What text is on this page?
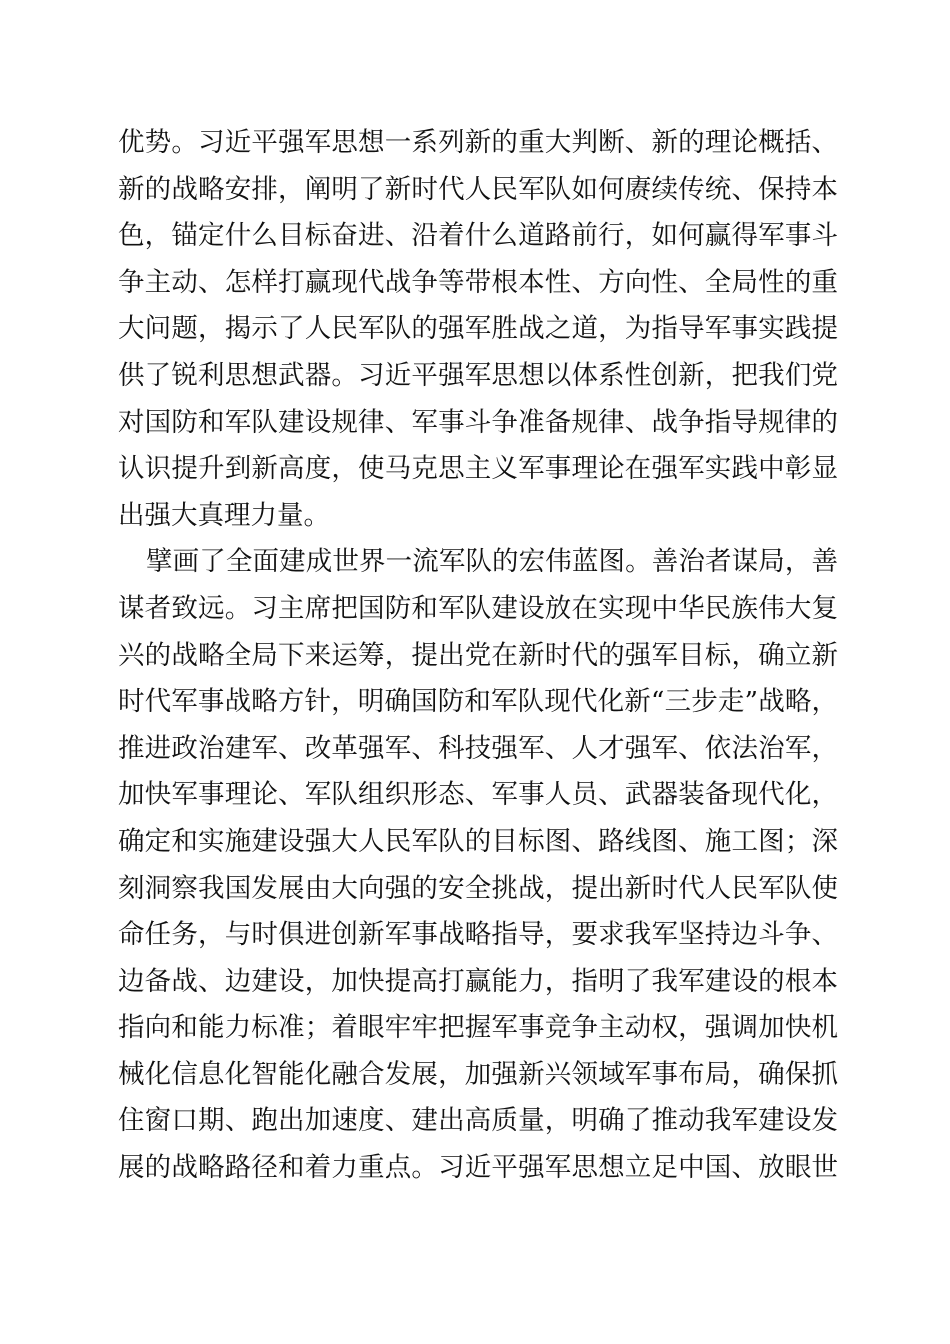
优势。习近平强军思想一系列新的重大判断、新的理论概括、
新的战略安排，阐明了新时代人民军队如何赓续传统、保持本
色，锚定什么目标奋进、沿着什么道路前行，如何赢得军事斗
争主动、怎样打赢现代战争等带根本性、方向性、全局性的重
大问题，揭示了人民军队的强军胜战之道，为指导军事实践提
供了锐利思想武器。习近平强军思想以体系性创新，把我们党
对国防和军队建设规律、军事斗争准备规律、战争指导规律的
认识提升到新高度，使马克思主义军事理论在强军实践中彰显
出强大真理力量。
擘画了全面建成世界一流军队的宏伟蓝图。善治者谋局，善
谋者致远。习主席把国防和军队建设放在实现中华民族伟大复
兴的战略全局下来运筹，提出党在新时代的强军目标，确立新
时代军事战略方针，明确国防和军队现代化新“三步走”战略，
推进政治建军、改革强军、科技强军、人才强军、依法治军，
加快军事理论、军队组织形态、军事人员、武器装备现代化，
确定和实施建设强大人民军队的目标图、路线图、施工图；深
刻洞察我国发展由大向强的安全挑战，提出新时代人民军队使
命任务，与时俱进创新军事战略指导，要求我军坚持边斗争、
边备战、边建设，加快提高打赢能力，指明了我军建设的根本
指向和能力标准；着眼牢牢把握军事竞争主动权，强调加快机
械化信息化智能化融合发展，加强新兴领域军事布局，确保抓
住窗口期、跑出加速度、建出高质量，明确了推动我军建设发
展的战略路径和着力重点。习近平强军思想立足中国、放眼世
